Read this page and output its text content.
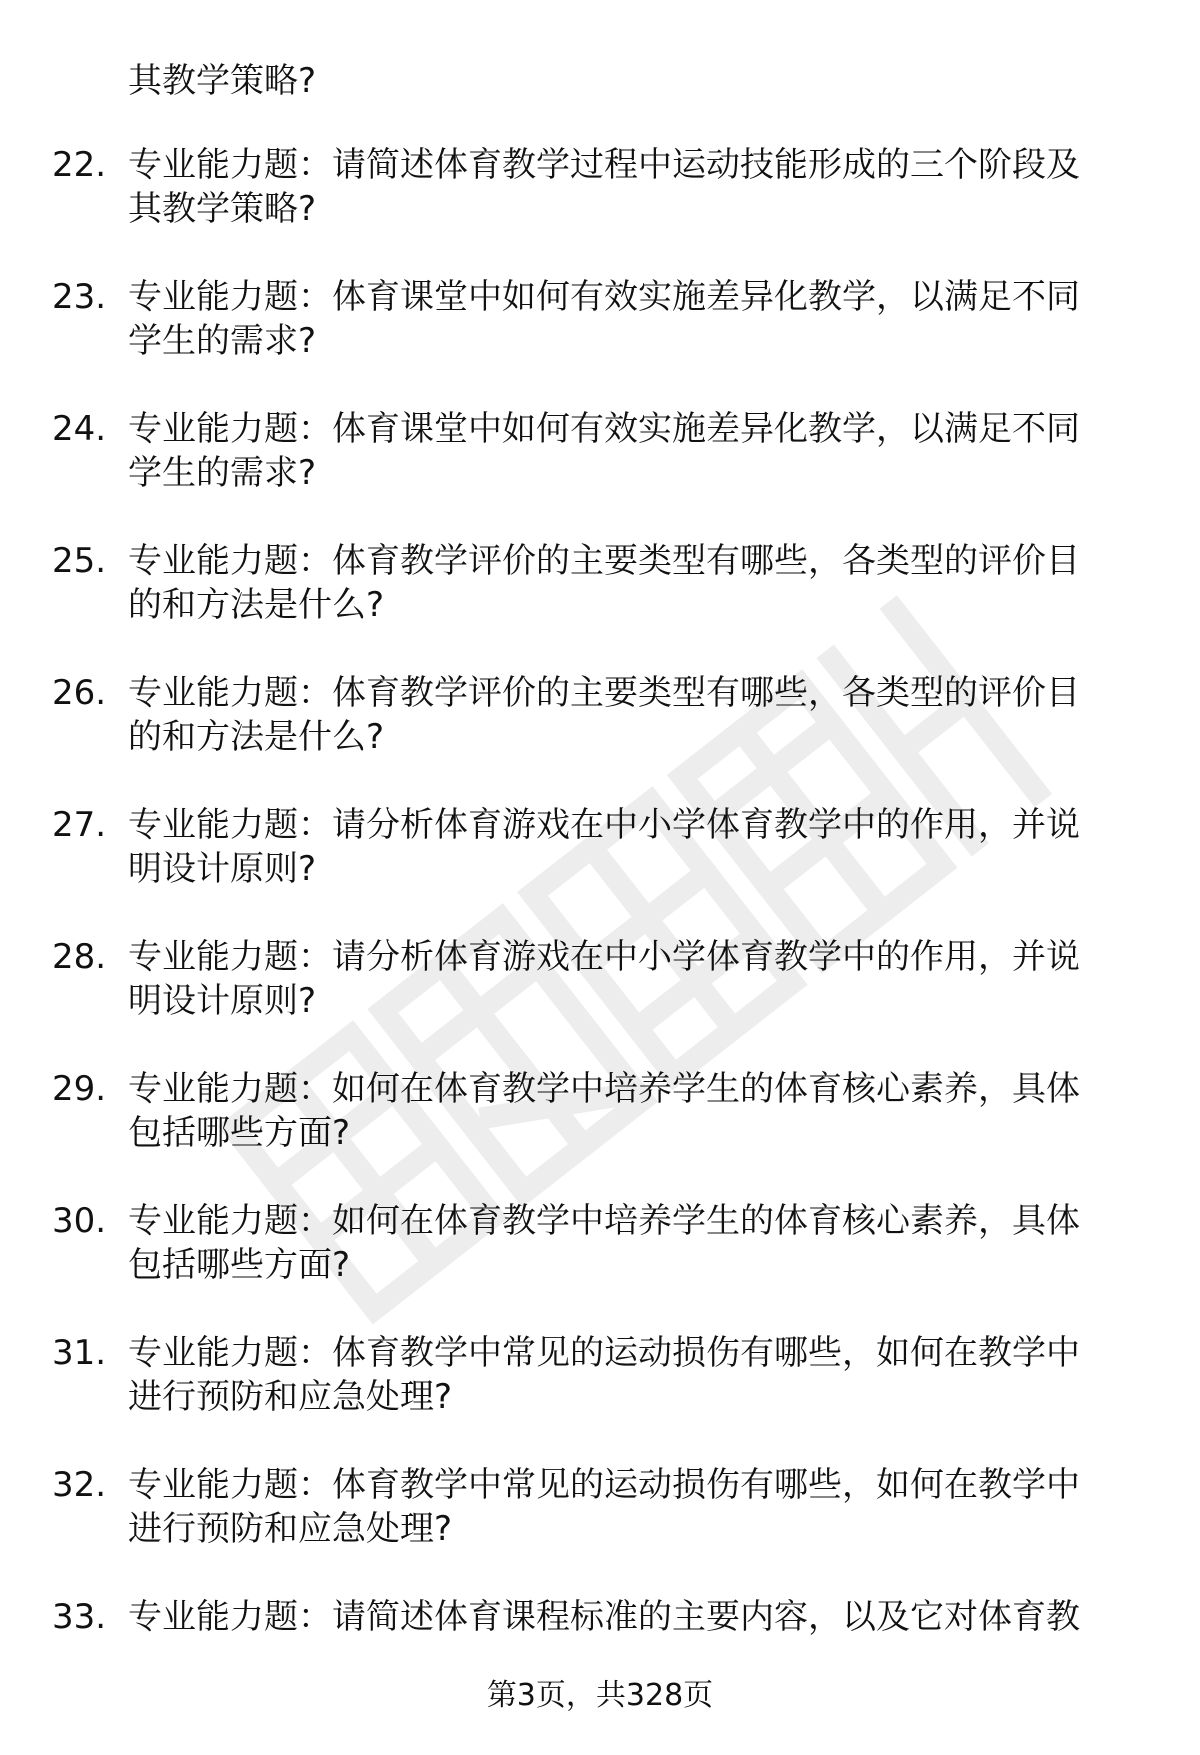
其教学策略?
22. 专业能力题：请简述体育教学过程中运动技能形成的三个阶段及
其教学策略?
23. 专业能力题：体育课堂中如何有效实施差异化教学，以满足不同
学生的需求?
24. 专业能力题：体育课堂中如何有效实施差异化教学，以满足不同
学生的需求?
25. 专业能力题：体育教学评价的主要类型有哪些，各类型的评价目
的和方法是什么?
26. 专业能力题：体育教学评价的主要类型有哪些，各类型的评价目
的和方法是什么?
27. 专业能力题：请分析体育游戏在中小学体育教学中的作用，并说
明设计原则?
28. 专业能力题：请分析体育游戏在中小学体育教学中的作用，并说
明设计原则?
29. 专业能力题：如何在体育教学中培养学生的体育核心素养，具体
包括哪些方面?
30. 专业能力题：如何在体育教学中培养学生的体育核心素养，具体
包括哪些方面?
31. 专业能力题：体育教学中常见的运动损伤有哪些，如何在教学中
进行预防和应急处理?
32. 专业能力题：体育教学中常见的运动损伤有哪些，如何在教学中
进行预防和应急处理?
33. 专业能力题：请简述体育课程标准的主要内容，以及它对体育教
第3页，共328页
